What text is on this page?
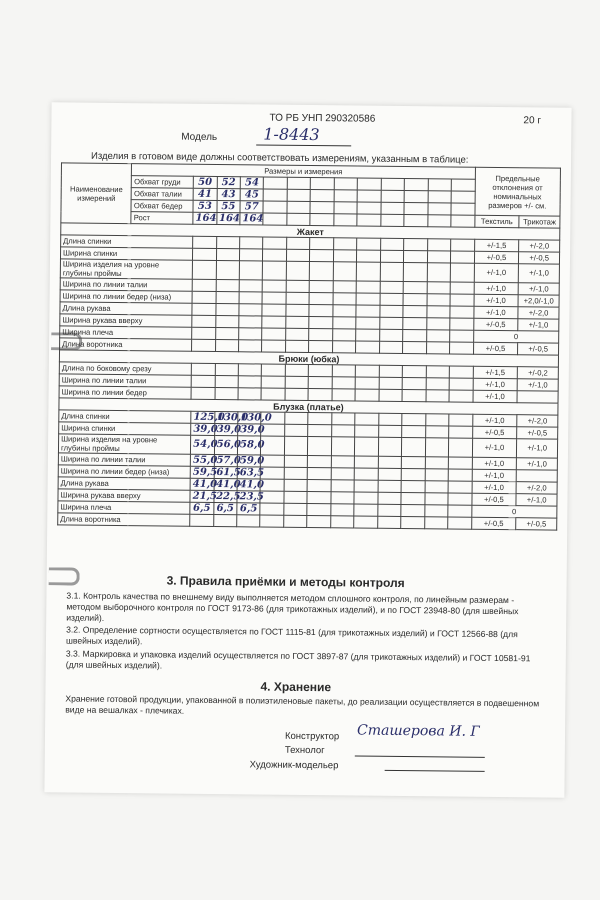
ТО РБ УНП 290320586	20 г
Модель	1-8443
Изделия в готовом виде должны соответствовать измерениям, указанным в таблице:
Наименование измерений	Размеры и измерения													Предельные отклонения от номинальных размеров +/- см.	
	Обхват груди	50	52	54											
	Обхват талии	41	43	45											
	Обхват бедер	53	55	57											
	Рост	164	164	164										Текстиль	Трикотаж
Жакет															
Длина спинки														+/-1,5	+/-2,0
Ширина спинки														+/-0,5	+/-0,5
Ширина изделия на уровне глубины проймы														+/-1,0	+/-1,0
Ширина по линии талии														+/-1,0	+/-1,0
Ширина по линии бедер (низа)														+/-1,0	+2,0/-1,0
Длина рукава														+/-1,0	+/-2,0
Ширина рукава вверху														+/-0,5	+/-1,0
Ширина плеча														0	
Длина воротника														+/-0,5	+/-0,5
Брюки (юбка)															
Длина по боковому срезу														+/-1,5	+/-0,2
Ширина по линии талии														+/-1,0	+/-1,0
Ширина по линии бедер														+/-1,0	
Блузка (платье)															
Длина спинки		125,0	130,0	130,0										+/-1,0	+/-2,0
Ширина спинки		39,0	39,0	39,0										+/-0,5	+/-0,5
Ширина изделия на уровне глубины проймы		54,0	56,0	58,0										+/-1,0	+/-1,0
Ширина по линии талии		55,0	57,0	59,0										+/-1,0	+/-1,0
Ширина по линии бедер (низа)		59,5	61,5	63,5										+/-1,0	
Длина рукава		41,0	41,0	41,0										+/-1,0	+/-2,0
Ширина рукава вверху		21,5	22,5	23,5										+/-0,5	+/-1,0
Ширина плеча		6,5	6,5	6,5										0	
Длина воротника														+/-0,5	+/-0,5
3. Правила приёмки и методы контроля
3.1. Контроль качества по внешнему виду выполняется методом сплошного контроля, по линейным размерам - методом выборочного контроля по ГОСТ 9173-86 (для трикотажных изделий), и по ГОСТ 23948-80 (для швейных изделий).
3.2. Определение сортности осуществляется по ГОСТ 1115-81 (для трикотажных изделий) и ГОСТ 12566-88 (для швейных изделий).
3.3. Маркировка и упаковка изделий осуществляется по ГОСТ 3897-87 (для трикотажных изделий) и ГОСТ 10581-91 (для швейных изделий).
4. Хранение
Хранение готовой продукции, упакованной в полиэтиленовые пакеты, до реализации осуществляется в подвешенном виде на вешалках - плечиках.
Конструктор Сташерова И. Г
Технолог
Художник-модельер
